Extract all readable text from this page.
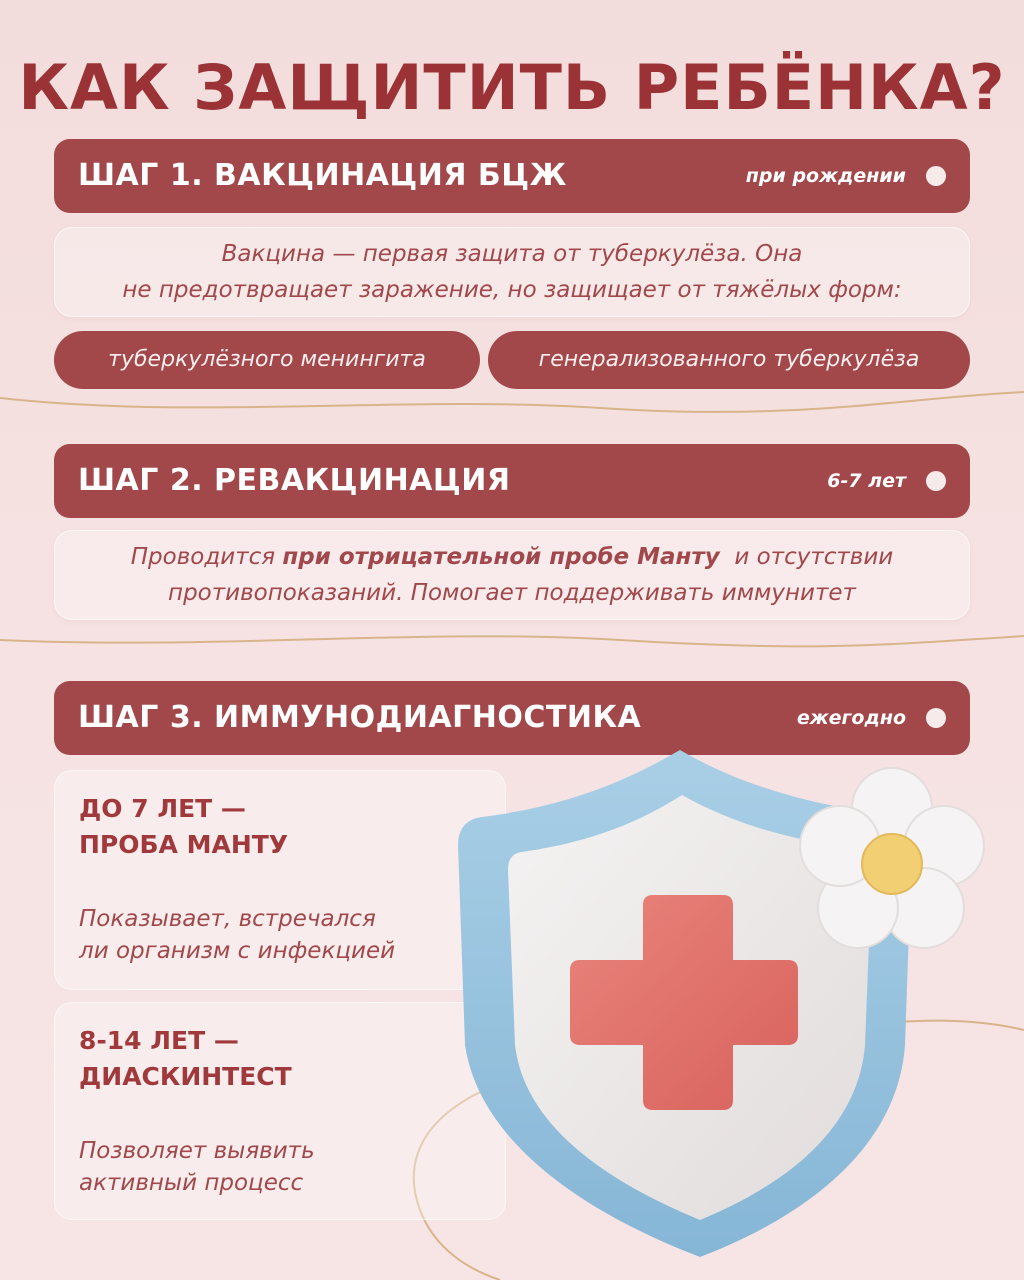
КАК ЗАЩИТИТЬ РЕБЁНКА?
ШАГ 1. ВАКЦИНАЦИЯ БЦЖ	при рождении
Вакцина — первая защита от туберкулёза. Она
не предотвращает заражение, но защищает от тяжёлых форм:
туберкулёзного менингита	генерализованного туберкулёза
ШАГ 2. РЕВАКЦИНАЦИЯ	6-7 лет
Проводится при отрицательной пробе Манту  и отсутствии
противопоказаний. Помогает поддерживать иммунитет
ШАГ 3. ИММУНОДИАГНОСТИКА	ежегодно
ДО 7 ЛЕТ —
ПРОБА МАНТУ
Показывает, встречался
ли организм с инфекцией
8-14 ЛЕТ —
ДИАСКИНТЕСТ
Позволяет выявить
активный процесс
